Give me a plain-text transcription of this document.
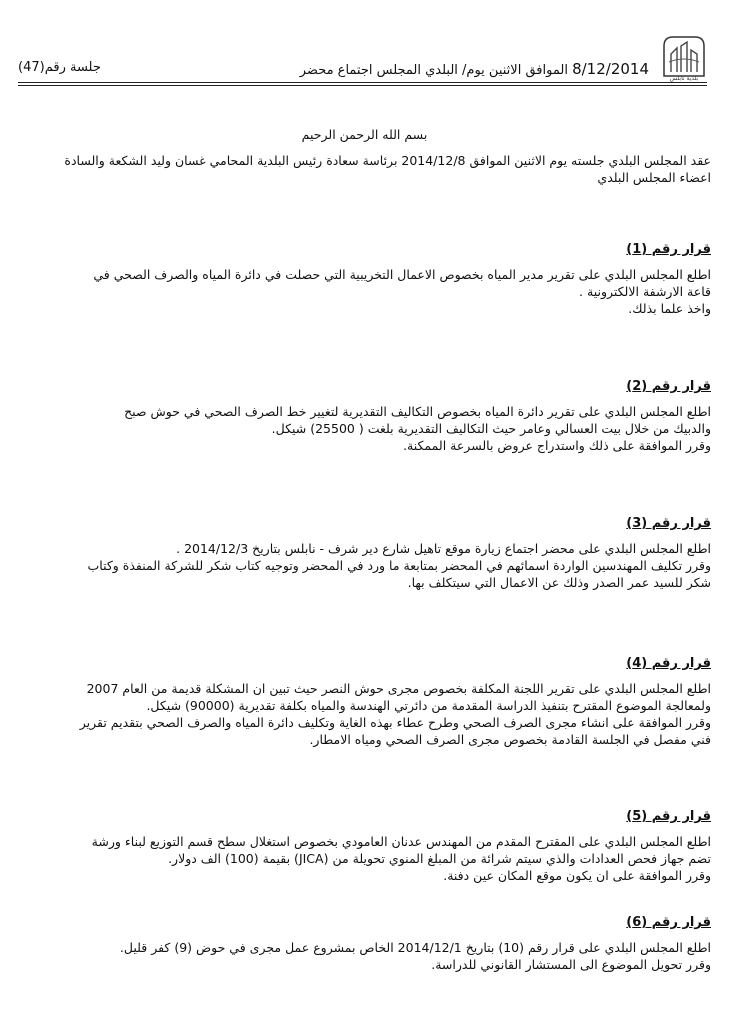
بلدية نابلس
8/12/2014 الموافق الاثنين يوم/ البلدي المجلس اجتماع محضر
جلسة رقم(47)
بسم الله الرحمن الرحيم

عقد المجلس البلدي جلسته يوم الاثنين الموافق 2014/12/8 برئاسة سعادة رئيس البلدية المحامي غسان وليد الشكعة والسادة

اعضاء المجلس البلدي

قرار رقم (1)

اطلع المجلس البلدي على تقرير مدير المياه بخصوص الاعمال التخريبية التي حصلت في دائرة المياه والصرف الصحي في

قاعة الارشفة الالكترونية .

واخذ علما بذلك.

قرار رقم (2)

اطلع المجلس البلدي على تقرير دائرة المياه بخصوص التكاليف التقديرية لتغيير خط الصرف الصحي في حوش صبح

والدبيك من خلال بيت العسالي وعامر حيث التكاليف التقديرية بلغت ( 25500) شيكل.

وقرر الموافقة على ذلك واستدراج عروض بالسرعة الممكنة.

قرار رقم (3)

اطلع المجلس البلدي على محضر اجتماع زيارة موقع تاهيل شارع دير شرف - نابلس بتاريخ 2014/12/3 .

وقرر تكليف المهندسين الواردة اسمائهم في المحضر بمتابعة ما ورد في المحضر وتوجيه كتاب شكر للشركة المنفذة وكتاب

شكر للسيد عمر الصدر وذلك عن الاعمال التي سيتكلف بها.

قرار رقم (4)

اطلع المجلس البلدي على تقرير اللجنة المكلفة بخصوص مجرى حوش النصر حيث تبين ان المشكلة قديمة من العام 2007

ولمعالجة الموضوع المقترح بتنفيذ الدراسة المقدمة من دائرتي الهندسة والمياه بكلفة تقديرية (90000) شيكل.

وقرر الموافقة على انشاء مجرى الصرف الصحي وطرح عطاء بهذه الغاية وتكليف دائرة المياه والصرف الصحي بتقديم تقرير

فني مفصل في الجلسة القادمة بخصوص مجرى الصرف الصحي ومياه الامطار.

قرار رقم (5)

اطلع المجلس البلدي على المقترح المقدم من المهندس عدنان العامودي بخصوص استغلال سطح قسم التوزيع لبناء ورشة

تضم جهاز فحص العدادات والذي سيتم شرائة من المبلغ المنوي تحويلة من (JICA) بقيمة (100) الف دولار.

وقرر الموافقة على ان يكون موقع المكان عين دفنة.

قرار رقم (6)

اطلع المجلس البلدي على قرار رقم (10) بتاريخ 2014/12/1 الخاص بمشروع عمل مجرى في حوض (9) كفر قليل.

وقرر تحويل الموضوع الى المستشار القانوني للدراسة.
